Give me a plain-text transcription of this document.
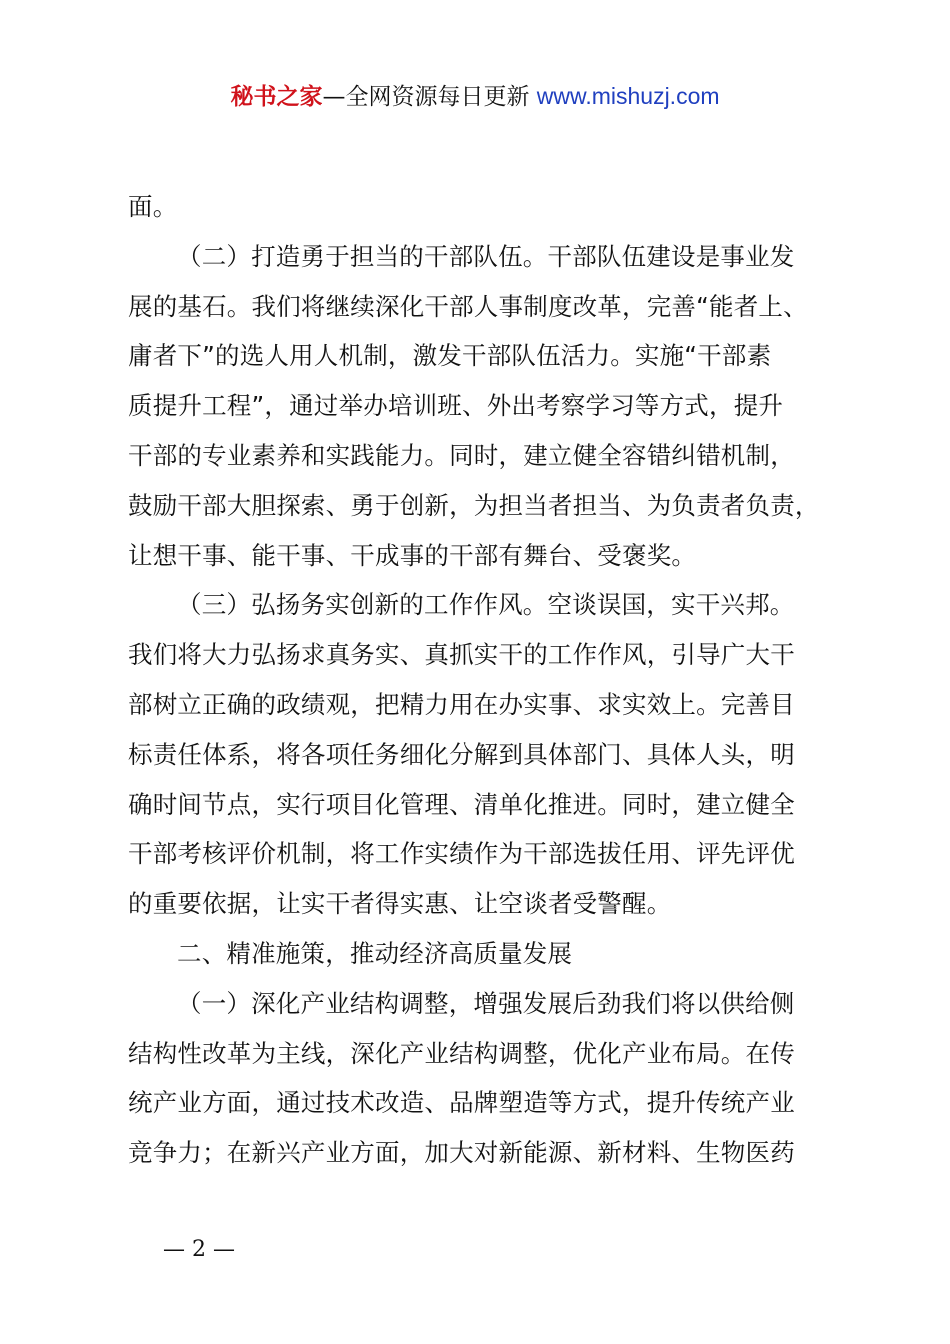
秘书之家—全网资源每日更新 www.mishuzj.com

面。

（二）打造勇于担当的干部队伍。干部队伍建设是事业发
展的基石。我们将继续深化干部人事制度改革，完善“能者上、
庸者下”的选人用人机制，激发干部队伍活力。实施“干部素
质提升工程”，通过举办培训班、外出考察学习等方式，提升
干部的专业素养和实践能力。同时，建立健全容错纠错机制，
鼓励干部大胆探索、勇于创新，为担当者担当、为负责者负责，
让想干事、能干事、干成事的干部有舞台、受褒奖。

（三）弘扬务实创新的工作作风。空谈误国，实干兴邦。
我们将大力弘扬求真务实、真抓实干的工作作风，引导广大干
部树立正确的政绩观，把精力用在办实事、求实效上。完善目
标责任体系，将各项任务细化分解到具体部门、具体人头，明
确时间节点，实行项目化管理、清单化推进。同时，建立健全
干部考核评价机制，将工作实绩作为干部选拔任用、评先评优
的重要依据，让实干者得实惠、让空谈者受警醒。

二、精准施策，推动经济高质量发展

（一）深化产业结构调整，增强发展后劲我们将以供给侧
结构性改革为主线，深化产业结构调整，优化产业布局。在传
统产业方面，通过技术改造、品牌塑造等方式，提升传统产业
竞争力；在新兴产业方面，加大对新能源、新材料、生物医药

— 2 —
